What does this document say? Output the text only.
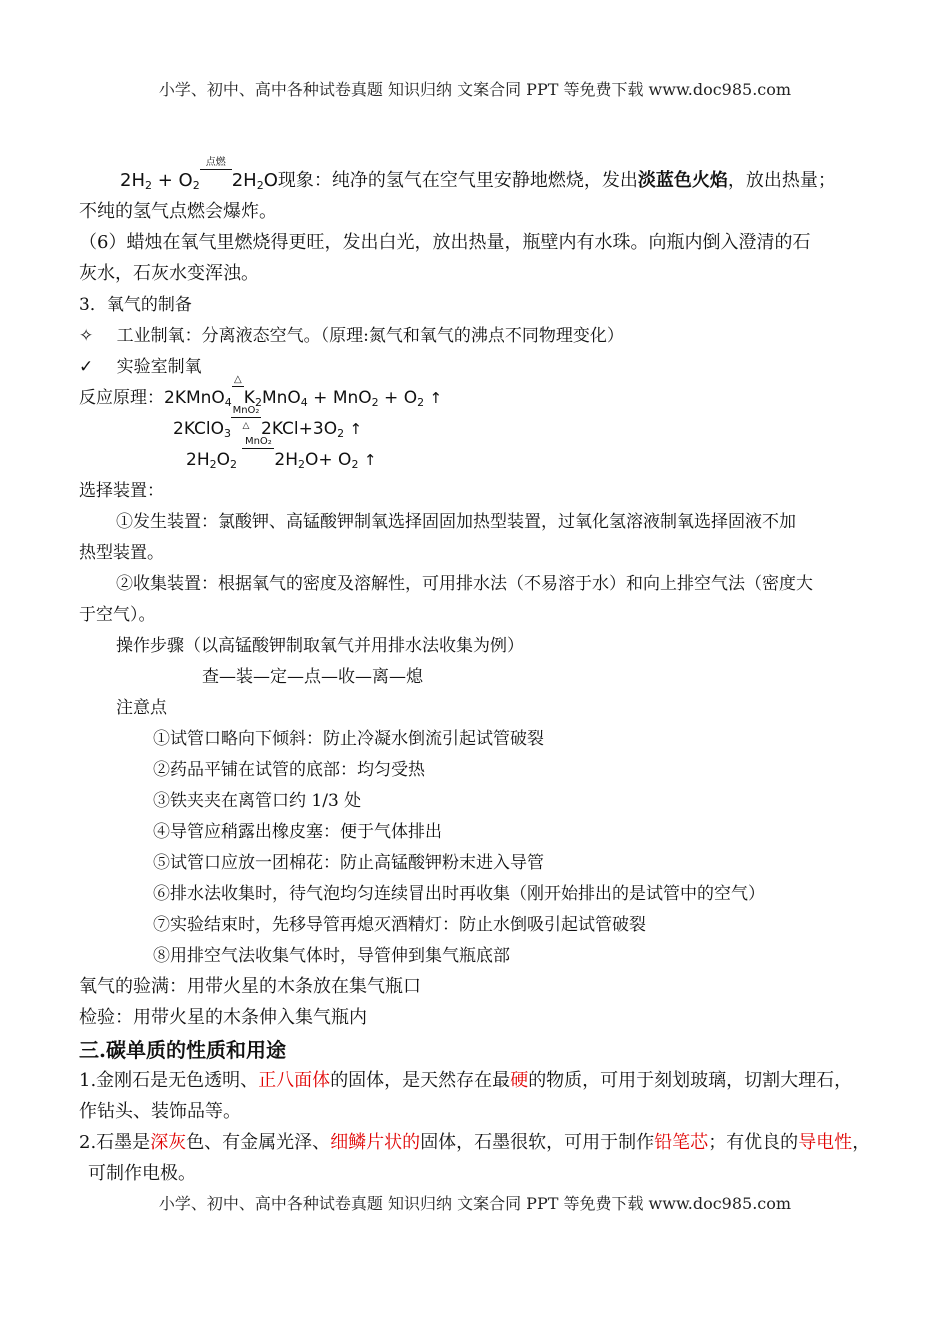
小学、初中、高中各种试卷真题 知识归纳 文案合同 PPT 等免费下载 www.doc985.com
$2H_2 + O_2$
点燃
$2H_2O$现象：纯净的氢气在空气里安静地燃烧，发出淡蓝色火焰，放出热量；
不纯的氢气点燃会爆炸。
（6）蜡烛在氧气里燃烧得更旺，发出白光，放出热量，瓶壁内有水珠。向瓶内倒入澄清的石
灰水，石灰水变浑浊。
3．氧气的制备
✧ 工业制氧：分离液态空气。（原理:氮气和氧气的沸点不同物理变化）
✓ 实验室制氧
反应原理：2KMnO$_4$
△
$K_2MnO_4 + MnO_2 + O_2$ ↑
2KClO$_3$
MnO₂
△ $2KCl+3O_2$ ↑
$2H_2O_2$
MnO₂
$2H_2O+ O_2$ ↑
选择装置：
①发生装置：氯酸钾、高锰酸钾制氧选择固固加热型装置，过氧化氢溶液制氧选择固液不加
热型装置。
②收集装置：根据氧气的密度及溶解性，可用排水法（不易溶于水）和向上排空气法（密度大
于空气）。
操作步骤（以高锰酸钾制取氧气并用排水法收集为例）
查—装—定—点—收—离—熄
注意点
①试管口略向下倾斜：防止冷凝水倒流引起试管破裂
②药品平铺在试管的底部：均匀受热
③铁夹夹在离管口约 1/3 处
④导管应稍露出橡皮塞：便于气体排出
⑤试管口应放一团棉花：防止高锰酸钾粉末进入导管
⑥排水法收集时，待气泡均匀连续冒出时再收集（刚开始排出的是试管中的空气）
⑦实验结束时，先移导管再熄灭酒精灯：防止水倒吸引起试管破裂
⑧用排空气法收集气体时，导管伸到集气瓶底部
氧气的验满：用带火星的木条放在集气瓶口
检验：用带火星的木条伸入集气瓶内
三.碳单质的性质和用途
1.金刚石是无色透明、正八面体的固体，是天然存在最硬的物质，可用于刻划玻璃，切割大理石，
作钻头、装饰品等。
2.石墨是深灰色、有金属光泽、细鳞片状的固体，石墨很软，可用于制作铅笔芯；有优良的导电性，
可制作电极。
小学、初中、高中各种试卷真题 知识归纳 文案合同 PPT 等免费下载 www.doc985.com
